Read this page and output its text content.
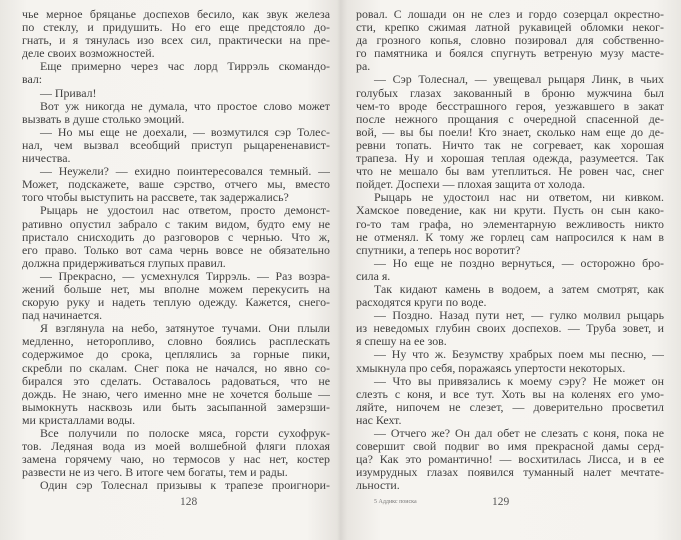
чье мерное бряцанье доспехов бесило, как звук железа
по стеклу, и придушить. Но его еще предстояло до-
гнать, и я тянулась изо всех сил, практически на пре-
деле своих возможностей.
Еще примерно через час лорд Тиррэль скомандо-
вал:
— Привал!
Вот уж никогда не думала, что простое слово может
вызвать в душе столько эмоций.
— Но мы еще не доехали, — возмутился сэр Толес-
нал, чем вызвал всеобщий приступ рыцарененавист-
ничества.
— Неужели? — ехидно поинтересовался темный. —
Может, подскажете, ваше сэрство, отчего мы, вместо
того чтобы выступить на рассвете, так задержались?
Рыцарь не удостоил нас ответом, просто демонст-
ративно опустил забрало с таким видом, будто ему не
пристало снисходить до разговоров с чернью. Что ж,
его право. Только вот сама чернь вовсе не обязательно
должна придерживаться глупых правил.
— Прекрасно, — усмехнулся Тиррэль. — Раз возра-
жений больше нет, мы вполне можем перекусить на
скорую руку и надеть теплую одежду. Кажется, снего-
пад начинается.
Я взглянула на небо, затянутое тучами. Они плыли
медленно, неторопливо, словно боялись расплескать
содержимое до срока, цеплялись за горные пики,
скребли по скалам. Снег пока не начался, но явно со-
бирался это сделать. Оставалось радоваться, что не
дождь. Не знаю, чего именно мне не хочется больше —
вымокнуть насквозь или быть засыпанной замерзши-
ми кристаллами воды.
Все получили по полоске мяса, горсти сухофрук-
тов. Ледяная вода из моей волшебной фляги плохая
замена горячему чаю, но термосов у нас нет, костер
развести не из чего. В итоге чем богаты, тем и рады.
Один сэр Толеснал призывы к трапезе проигнори-
ровал. С лошади он не слез и гордо созерцал окрестно-
сти, крепко сжимая латной рукавицей обломки неког-
да грозного копья, словно позировал для собственно-
го памятника и боялся спугнуть ветреную музу масте-
ра.
— Сэр Толеснал, — увещевал рыцаря Линк, в чьих
голубых глазах закованный в броню мужчина был
чем-то вроде бесстрашного героя, уезжавшего в закат
после нежного прощания с очередной спасенной де-
вой, — вы бы поели! Кто знает, сколько нам еще до де-
ревни топать. Ничто так не согревает, как хорошая
трапеза. Ну и хорошая теплая одежда, разумеется. Так
что не мешало бы вам утеплиться. Не ровен час, снег
пойдет. Доспехи — плохая защита от холода.
Рыцарь не удостоил нас ни ответом, ни кивком.
Хамское поведение, как ни крути. Пусть он сын како-
го-то там графа, но элементарную вежливость никто
не отменял. К тому же горлец сам напросился к нам в
спутники, а теперь нос воротит?
— Но еще не поздно вернуться, — осторожно бро-
сила я.
Так кидают камень в водоем, а затем смотрят, как
расходятся круги по воде.
— Поздно. Назад пути нет, — гулко молвил рыцарь
из неведомых глубин своих доспехов. — Труба зовет, и
я спешу на ее зов.
— Ну что ж. Безумству храбрых поем мы песню, —
хмыкнула про себя, поражаясь упертости некоторых.
— Что вы привязались к моему сэру? Не может он
слезть с коня, и все тут. Хоть вы на коленях его умо-
ляйте, нипочем не слезет, — доверительно просветил
нас Кехт.
— Отчего же? Он дал обет не слезать с коня, пока не
совершит свой подвиг во имя прекрасной дамы серд-
ца? Как это романтично! — восхитилась Лисса, и в ее
изумрудных глазах появился туманный налет мечтате-
льности.
128	129
5 Аддикс поиска
